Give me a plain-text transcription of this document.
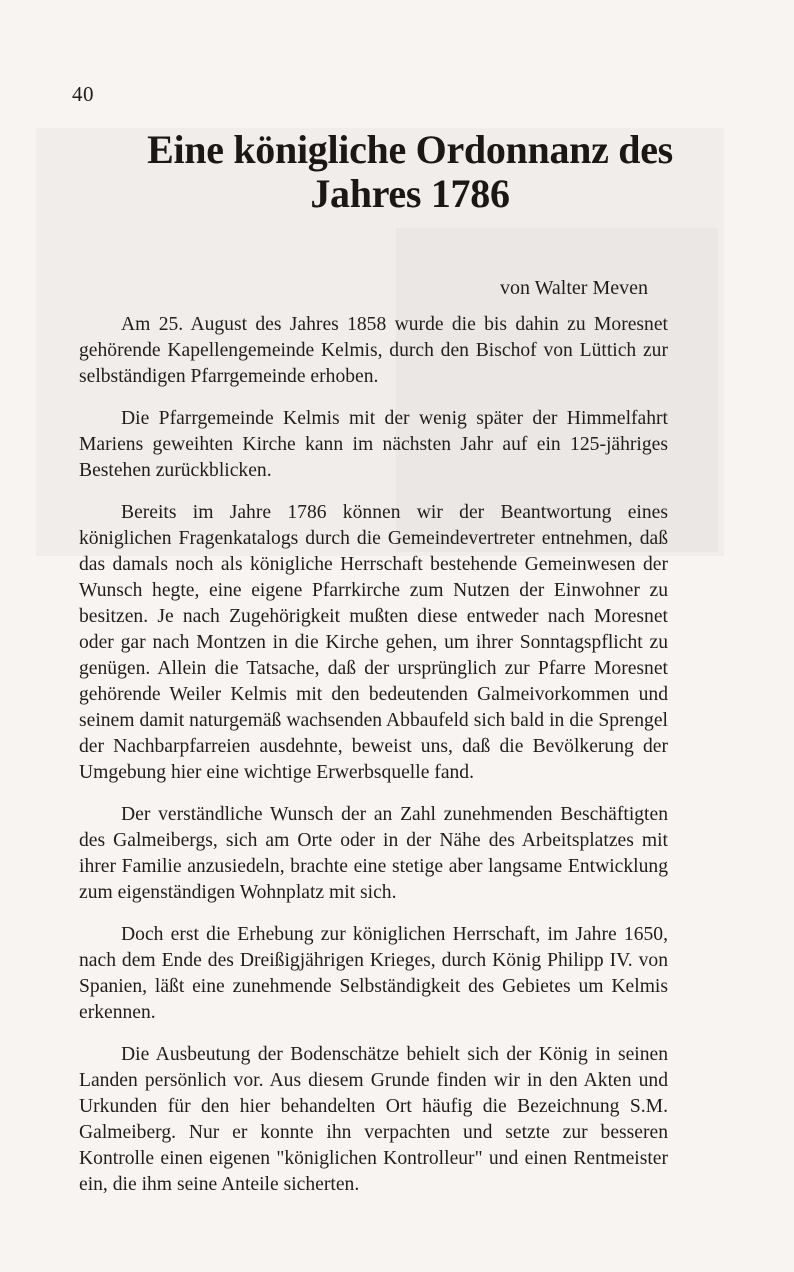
40
Eine königliche Ordonnanz des
Jahres 1786
von Walter Meven

Am 25. August des Jahres 1858 wurde die bis dahin zu Moresnet gehörende Kapellengemeinde Kelmis, durch den Bischof von Lüttich zur selbständigen Pfarrgemeinde erhoben.

Die Pfarrgemeinde Kelmis mit der wenig später der Himmelfahrt Mariens geweihten Kirche kann im nächsten Jahr auf ein 125-jähriges Bestehen zurückblicken.

Bereits im Jahre 1786 können wir der Beantwortung eines königlichen Fragenkatalogs durch die Gemeindevertreter entnehmen, daß das damals noch als königliche Herrschaft bestehende Gemeinwesen der Wunsch hegte, eine eigene Pfarrkirche zum Nutzen der Einwohner zu besitzen. Je nach Zugehörigkeit mußten diese entweder nach Moresnet oder gar nach Montzen in die Kirche gehen, um ihrer Sonntagspflicht zu genügen. Allein die Tatsache, daß der ursprünglich zur Pfarre Moresnet gehörende Weiler Kelmis mit den bedeutenden Galmeivorkommen und seinem damit naturgemäß wachsenden Abbaufeld sich bald in die Sprengel der Nachbarpfarreien ausdehnte, beweist uns, daß die Bevölkerung der Umgebung hier eine wichtige Erwerbsquelle fand.

Der verständliche Wunsch der an Zahl zunehmenden Beschäftigten des Galmeibergs, sich am Orte oder in der Nähe des Arbeitsplatzes mit ihrer Familie anzusiedeln, brachte eine stetige aber langsame Entwicklung zum eigenständigen Wohnplatz mit sich.

Doch erst die Erhebung zur königlichen Herrschaft, im Jahre 1650, nach dem Ende des Dreißigjährigen Krieges, durch König Philipp IV. von Spanien, läßt eine zunehmende Selbständigkeit des Gebietes um Kelmis erkennen.

Die Ausbeutung der Bodenschätze behielt sich der König in seinen Landen persönlich vor. Aus diesem Grunde finden wir in den Akten und Urkunden für den hier behandelten Ort häufig die Bezeichnung S.M. Galmeiberg. Nur er konnte ihn verpachten und setzte zur besseren Kontrolle einen eigenen "königlichen Kontrolleur" und einen Rentmeister ein, die ihm seine Anteile sicherten.
